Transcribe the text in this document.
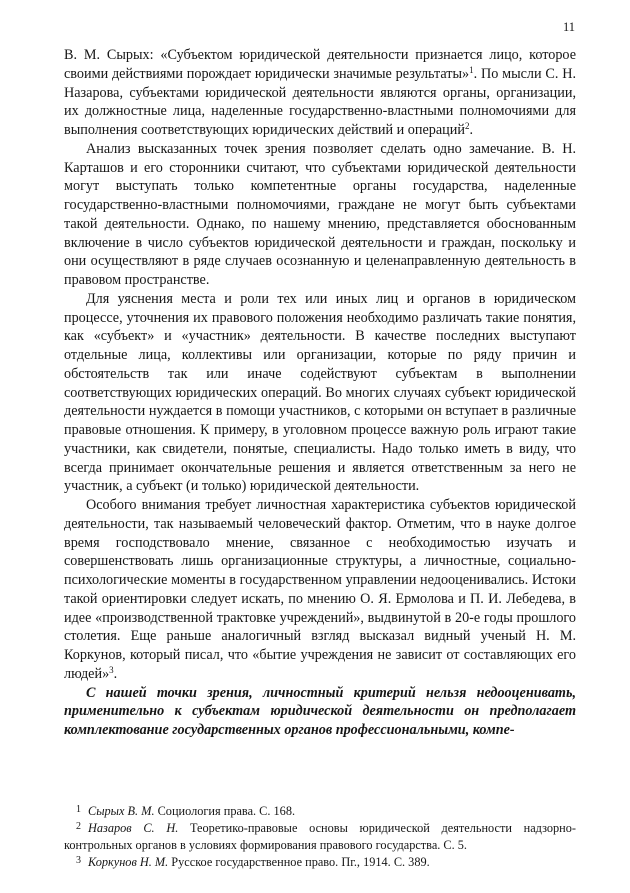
11

В. М. Сырых: «Субъектом юридической деятельности признается лицо, которое своими действиями порождает юридически значимые результаты»$^1$. По мысли С. Н. Назарова, субъектами юридической деятельности являются органы, организации, их должностные лица, наделенные государственно-властными полномочиями для выполнения соответствующих юридических действий и операций$^2$.

Анализ высказанных точек зрения позволяет сделать одно замечание. В. Н. Карташов и его сторонники считают, что субъектами юридической деятельности могут выступать только компетентные органы государства, наделенные государственно-властными полномочиями, граждане не могут быть субъектами такой деятельности. Однако, по нашему мнению, представляется обоснованным включение в число субъектов юридической деятельности и граждан, поскольку и они осуществляют в ряде случаев осознанную и целенаправленную деятельность в правовом пространстве.

Для уяснения места и роли тех или иных лиц и органов в юридическом процессе, уточнения их правового положения необходимо различать такие понятия, как «субъект» и «участник» деятельности. В качестве последних выступают отдельные лица, коллективы или организации, которые по ряду причин и обстоятельств так или иначе содействуют субъектам в выполнении соответствующих юридических операций. Во многих случаях субъект юридической деятельности нуждается в помощи участников, с которыми он вступает в различные правовые отношения. К примеру, в уголовном процессе важную роль играют такие участники, как свидетели, понятые, специалисты. Надо только иметь в виду, что всегда принимает окончательные решения и является ответственным за него не участник, а субъект (и только) юридической деятельности.

Особого внимания требует личностная характеристика субъектов юридической деятельности, так называемый человеческий фактор. Отметим, что в науке долгое время господствовало мнение, связанное с необходимостью изучать и совершенствовать лишь организационные структуры, а личностные, социально-психологические моменты в государственном управлении недооценивались. Истоки такой ориентировки следует искать, по мнению О. Я. Ермолова и П. И. Лебедева, в идее «производственной трактовке учреждений», выдвинутой в 20-е годы прошлого столетия. Еще раньше аналогичный взгляд высказал видный ученый Н. М. Коркунов, который писал, что «бытие учреждения не зависит от составляющих его людей»$^3$.

С нашей точки зрения, личностный критерий нельзя недооценивать, применительно к субъектам юридической деятельности он предполагает комплектование государственных органов профессиональными, компе-

1 Сырых В. М. Социология права. С. 168.

2 Назаров С. Н. Теоретико-правовые основы юридической деятельности надзорно-контрольных органов в условиях формирования правового государства. С. 5.

3 Коркунов Н. М. Русское государственное право. Пг., 1914. С. 389.
